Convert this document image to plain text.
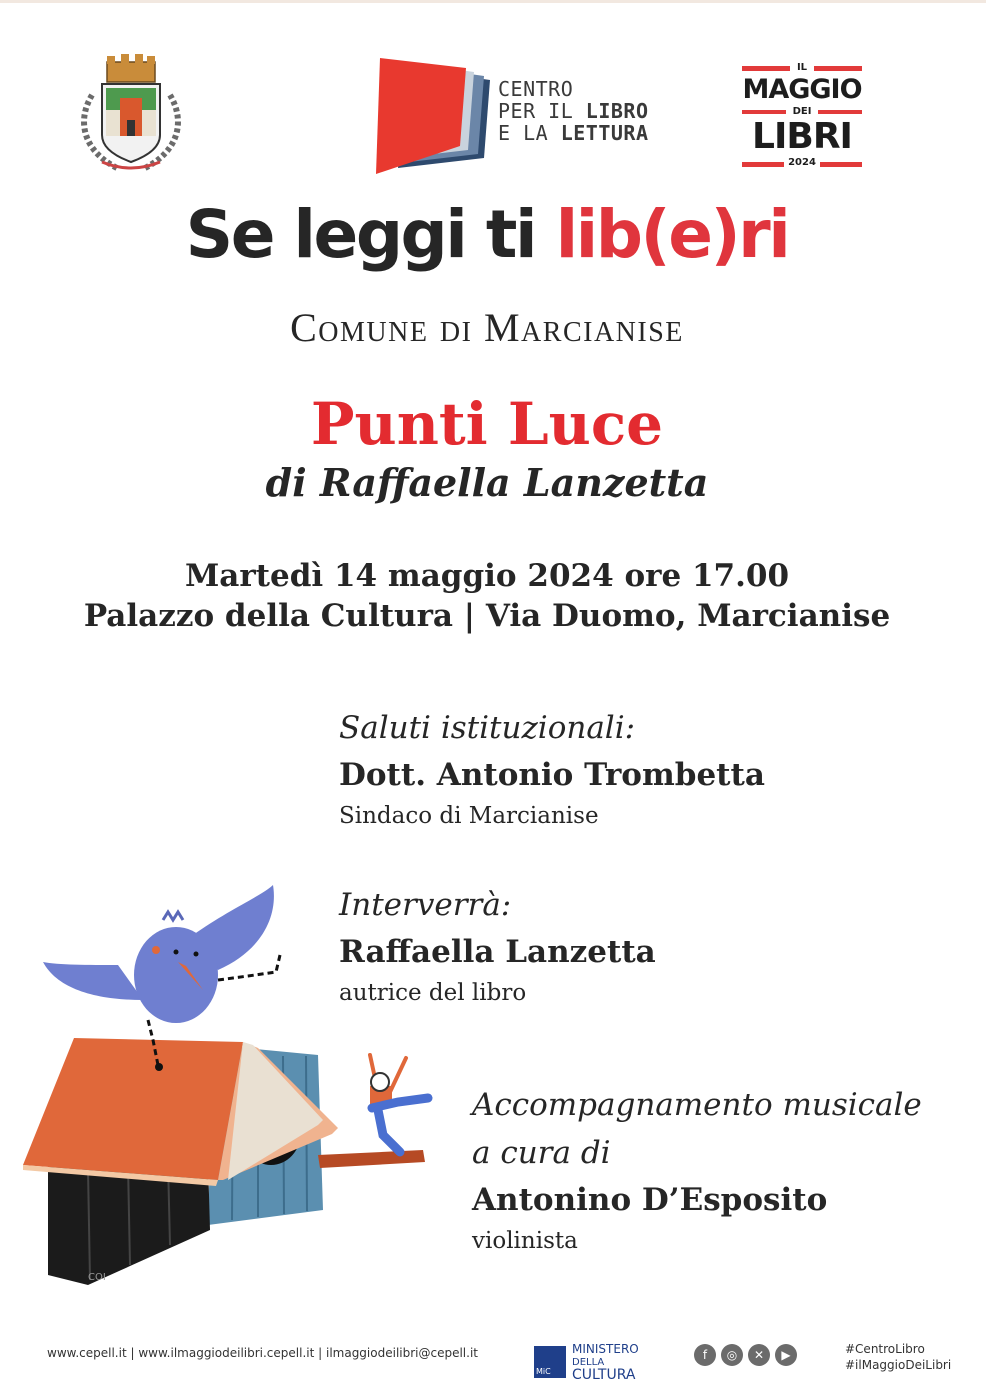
CENTRO
PER IL LIBRO
E LA LETTURA
IL
MAGGIO
DEI
LIBRI
2024
Se leggi ti lib(e)ri
Comune di Marcianise
Punti Luce
di Raffaella Lanzetta
Martedì 14 maggio 2024 ore 17.00
Palazzo della Cultura | Via Duomo, Marcianise
Saluti istituzionali:
Dott. Antonio Trombetta
Sindaco di Marcianise
Interverrà:
Raffaella Lanzetta
autrice del libro
Accompagnamento musicale
a cura di
Antonino D’Esposito
violinista
COI
www.cepell.it | www.ilmaggiodeilibri.cepell.it | ilmaggiodeilibri@cepell.it
MiC
MINISTERO
DELLA
CULTURA
f	◎	✕	▶	#CentroLibro
#ilMaggioDeiLibri
